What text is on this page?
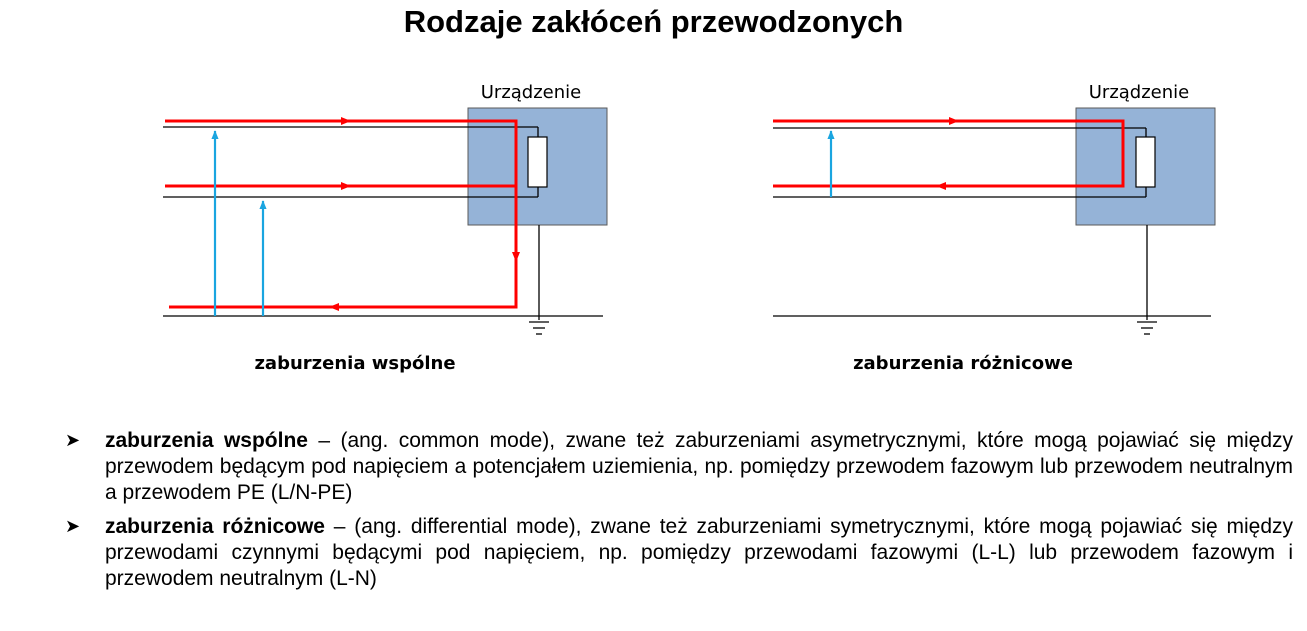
Rodzaje zakłóceń przewodzonych
Urządzenie
zaburzenia wspólne
Urządzenie
zaburzenia różnicowe
➤ zaburzenia wspólne – (ang. common mode), zwane też zaburzeniami asymetrycznymi, które mogą pojawiać się między przewodem będącym pod napięciem a potencjałem uziemienia, np. pomiędzy przewodem fazowym lub przewodem neutralnym a przewodem PE (L/N-PE)
➤ zaburzenia różnicowe – (ang. differential mode), zwane też zaburzeniami symetrycznymi, które mogą pojawiać się między przewodami czynnymi będącymi pod napięciem, np. pomiędzy przewodami fazowymi (L-L) lub przewodem fazowym i przewodem neutralnym (L-N)
